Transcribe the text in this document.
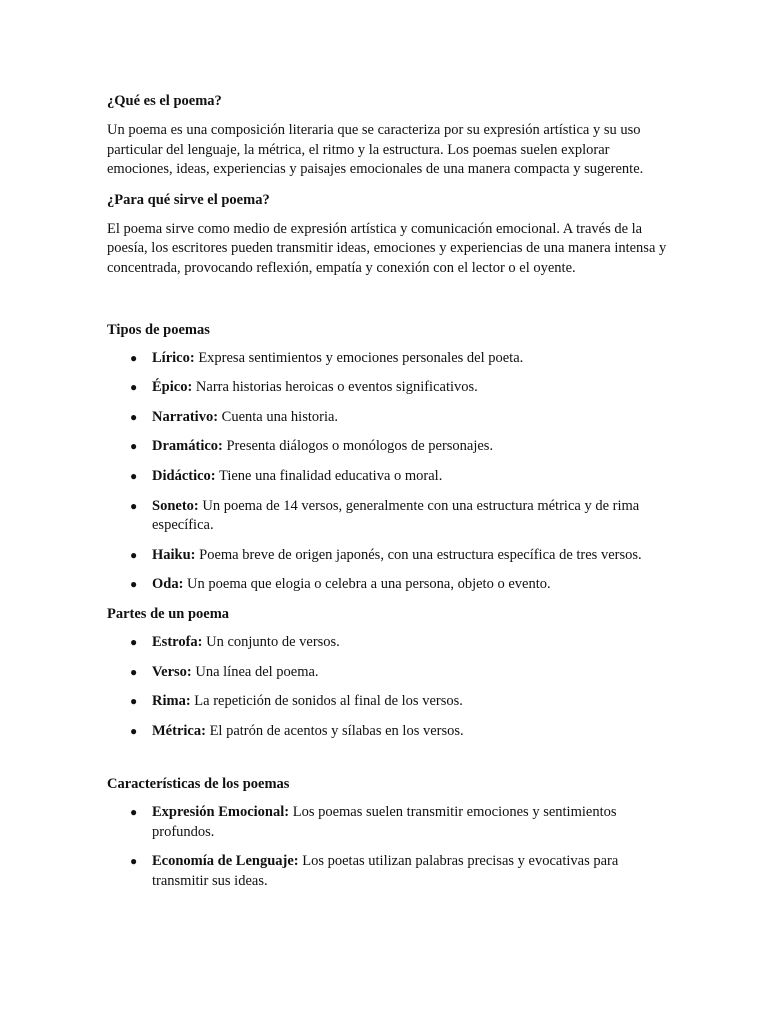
¿Qué es el poema?

Un poema es una composición literaria que se caracteriza por su expresión artística y su uso particular del lenguaje, la métrica, el ritmo y la estructura. Los poemas suelen explorar emociones, ideas, experiencias y paisajes emocionales de una manera compacta y sugerente.

¿Para qué sirve el poema?

El poema sirve como medio de expresión artística y comunicación emocional. A través de la poesía, los escritores pueden transmitir ideas, emociones y experiencias de una manera intensa y concentrada, provocando reflexión, empatía y conexión con el lector o el oyente.

Tipos de poemas
● Lírico: Expresa sentimientos y emociones personales del poeta.
● Épico: Narra historias heroicas o eventos significativos.
● Narrativo: Cuenta una historia.
● Dramático: Presenta diálogos o monólogos de personajes.
● Didáctico: Tiene una finalidad educativa o moral.
● Soneto: Un poema de 14 versos, generalmente con una estructura métrica y de rima específica.
● Haiku: Poema breve de origen japonés, con una estructura específica de tres versos.
● Oda: Un poema que elogia o celebra a una persona, objeto o evento.
Partes de un poema
● Estrofa: Un conjunto de versos.
● Verso: Una línea del poema.
● Rima: La repetición de sonidos al final de los versos.
● Métrica: El patrón de acentos y sílabas en los versos.
Características de los poemas
● Expresión Emocional: Los poemas suelen transmitir emociones y sentimientos profundos.
● Economía de Lenguaje: Los poetas utilizan palabras precisas y evocativas para transmitir sus ideas.
